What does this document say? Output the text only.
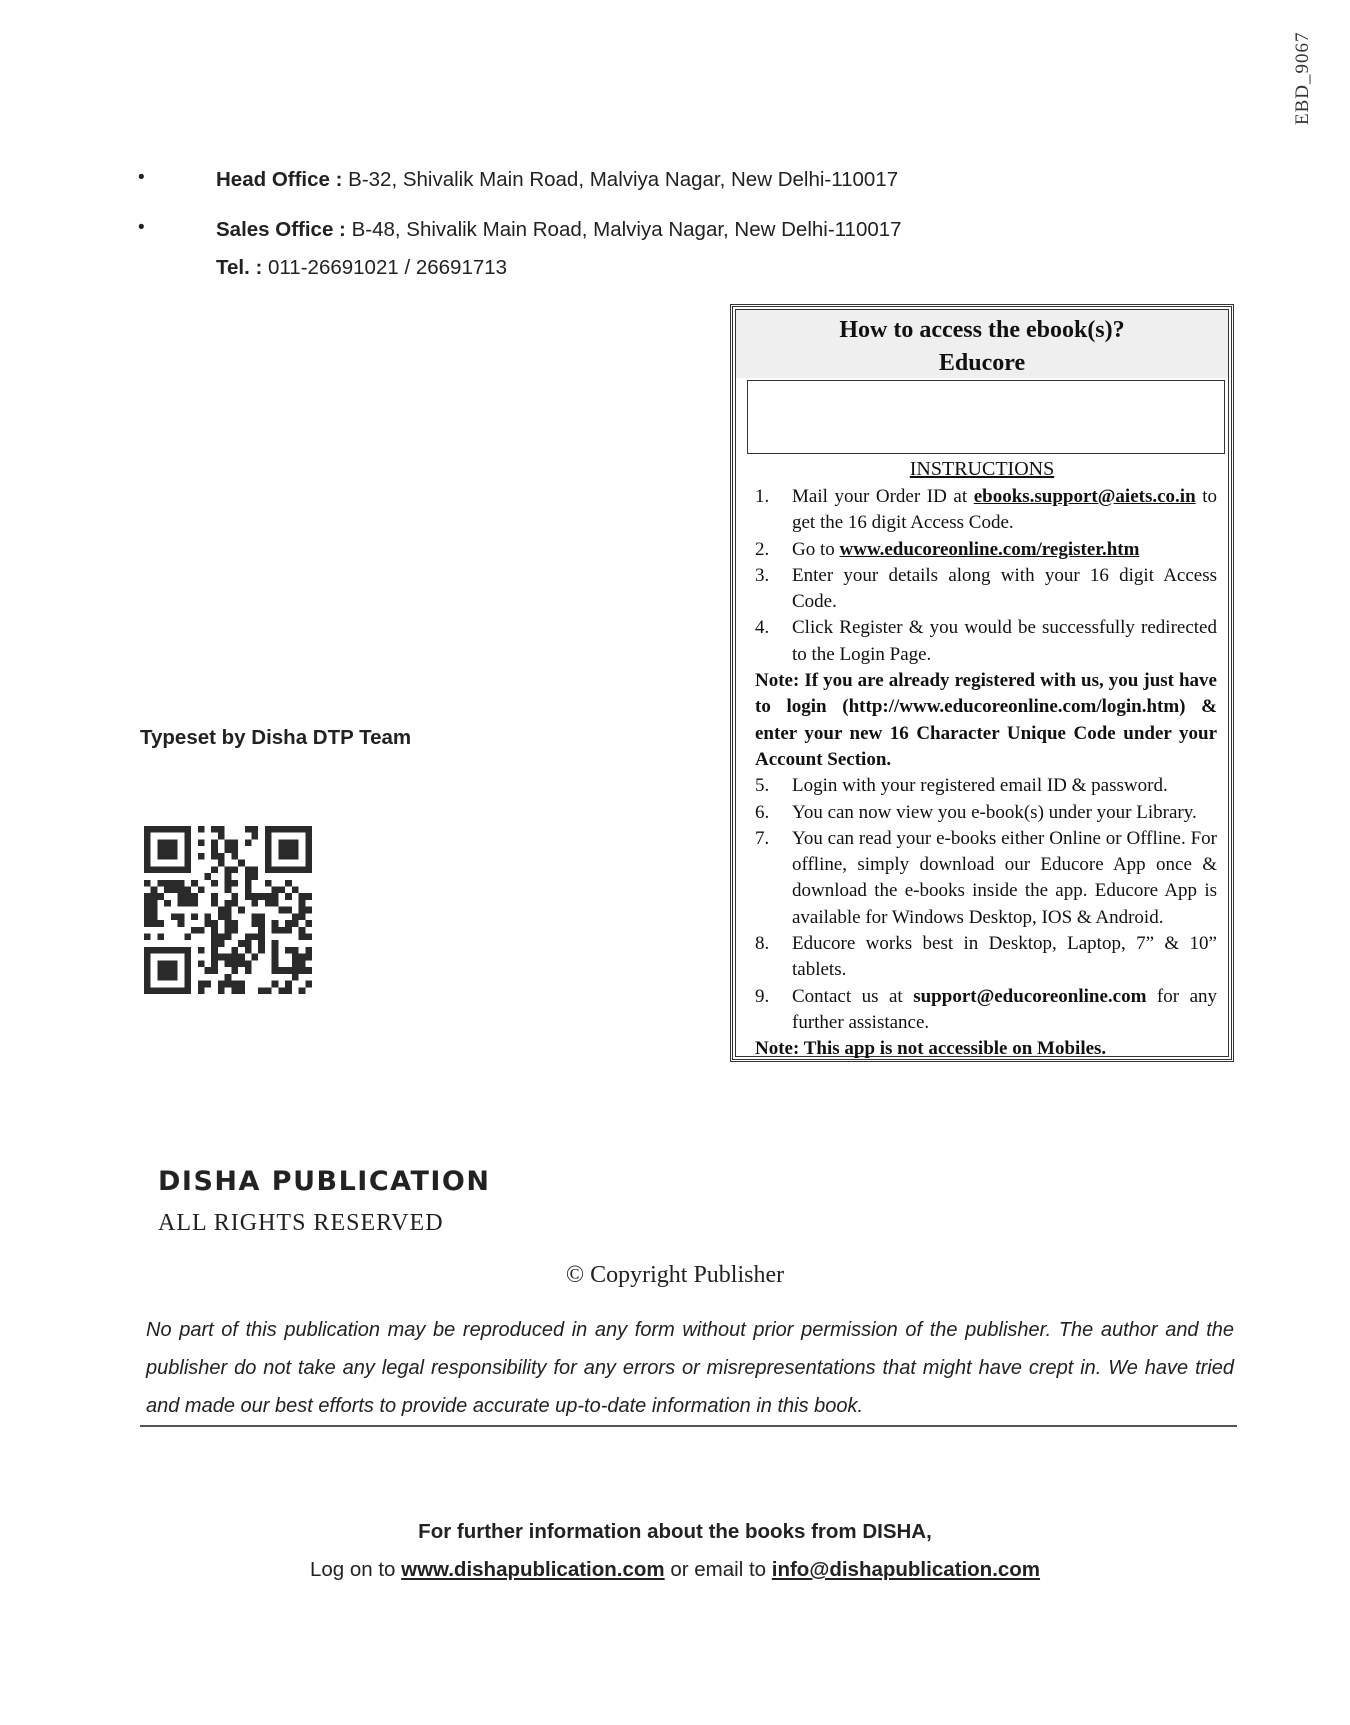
EBD_9067
•	Head Office : B-32, Shivalik Main Road, Malviya Nagar, New Delhi-110017
•	Sales Office : B-48, Shivalik Main Road, Malviya Nagar, New Delhi-110017
Tel. : 011-26691021 / 26691713
How to access the ebook(s)?
Educore
INSTRUCTIONS
1. Mail your Order ID at ebooks.support@aiets.co.in to get the 16 digit Access Code.
2. Go to www.educoreonline.com/register.htm
3. Enter your details along with your 16 digit Access Code.
4. Click Register & you would be successfully redirected to the Login Page.
Note: If you are already registered with us, you just have to login (http://www.educoreonline.com/login.htm) & enter your new 16 Character Unique Code under your Account Section.
5. Login with your registered email ID & password.
6. You can now view you e-book(s) under your Library.
7. You can read your e-books either Online or Offline. For offline, simply download our Educore App once & download the e-books inside the app. Educore App is available for Windows Desktop, IOS & Android.
8. Educore works best in Desktop, Laptop, 7” & 10” tablets.
9. Contact us at support@educoreonline.com for any further assistance.
Note: This app is not accessible on Mobiles.
Typeset by Disha DTP Team
DISHA PUBLICATION
ALL RIGHTS RESERVED
© Copyright Publisher
No part of this publication may be reproduced in any form without prior permission of the publisher. The author and the publisher do not take any legal responsibility for any errors or misrepresentations that might have crept in. We have tried and made our best efforts to provide accurate up-to-date information in this book.
For further information about the books from DISHA,
Log on to www.dishapublication.com or email to info@dishapublication.com
